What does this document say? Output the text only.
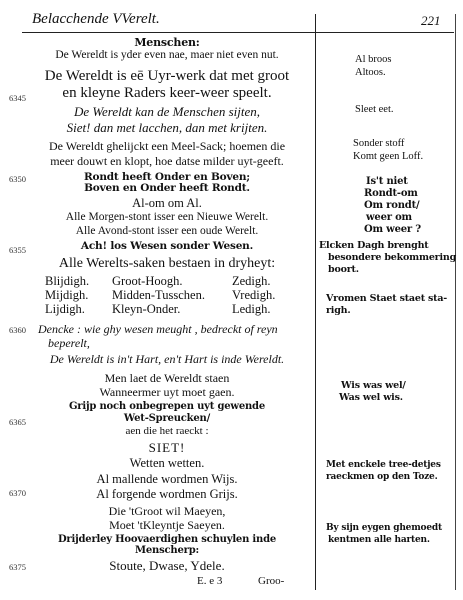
Belacchende VVerelt.	221
Menschen:
De Wereldt is yder even nae, maer niet even nut.
De Wereldt is eē Uyr-werk dat met groot
en kleyne Raders keer-weer speelt.
De Wereldt kan de Menschen sijten,
Siet! dan met lacchen, dan met krijten.
De Wereldt gheliјckt een Meel-Sack; hoemen die
meer douwt en klopt, hoe datse milder uyt-geeft.
Rondt heeft Onder en Boven;
Boven en Onder heeft Rondt.
Al-om om Al.
Alle Morgen-stont isser een Nieuwe Werelt.
Alle Avond-stont isser een oude Werelt.
Ach! los Wesen sonder Wesen.
Alle Werelts-saken bestaen in dryheyt:
Blijdigh. Groot-Hoogh.	Zedigh.
Mijdigh. Midden-Tusschen. Vredigh.
Lijdigh. Kleyn-Onder.	Ledigh.
Dencke : wie ghy wesen meught , bedreckt of reyn
beperelt,
De Wereldt is in't Hart, en't Hart is inde Wereldt.
Men laet de Wereldt staen
Wanneermer uyt moet gaen.
Grijp noch onbegrepen uyt gewende
Wet-Spreucken/
aen die het raeckt :
SIET!
Wetten wetten.
Al mallende wordmen Wijs.
Al forgende wordmen Grijs.
Die 'tGroot wil Maeyen,
Moet 'tKleyntje Saeyen.
Drijderley Hoovaerdighen schuylen inde
Menscherp:
Stoute, Dwase, Ydele.
E. e 3	Groo-
6345
6350
6355
6360
6365
6370
6375
Al broos
Altoos.
Sleet eet.
Sonder stoff
Komt geen Loff.
Is't niet
Rondt-om
Om rondt/
weer om
Om weer ?
Elcken Dagh brenght
besondere bekommering
boort.
Vromen Staet staet sta-
righ.
Wis was wel/
Was wel wis.
Met enckele tree-detjes
raeckmen op den Toze.
By sijn eygen ghemoedt
kentmen alle harten.
